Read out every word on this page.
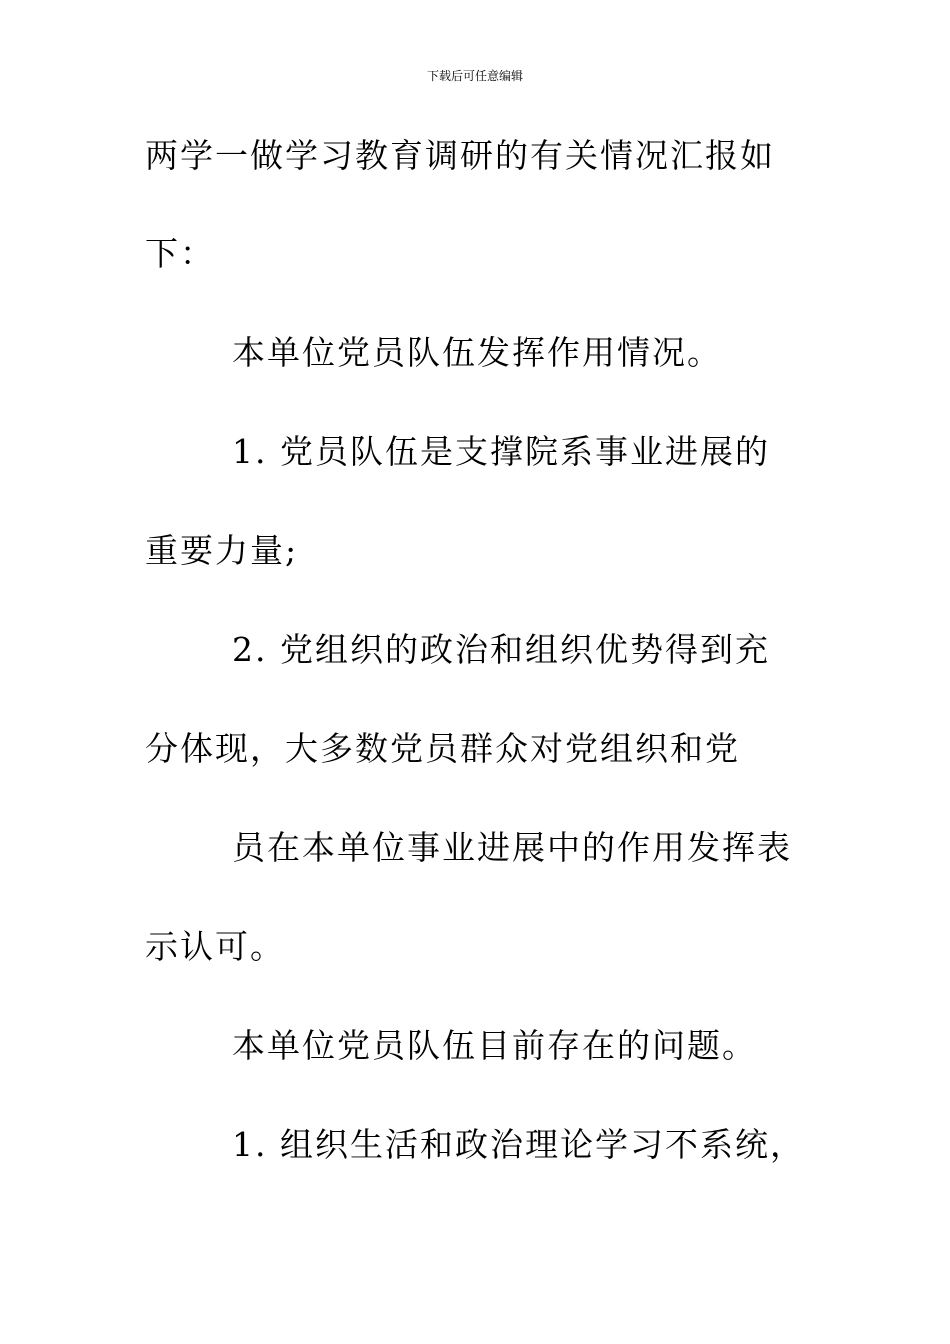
下载后可任意编辑
两学一做学习教育调研的有关情况汇报如
下：
本单位党员队伍发挥作用情况。
1. 党员队伍是支撑院系事业进展的
重要力量;
2. 党组织的政治和组织优势得到充
分体现，大多数党员群众对党组织和党
员在本单位事业进展中的作用发挥表
示认可。
本单位党员队伍目前存在的问题。
1. 组织生活和政治理论学习不系统，
